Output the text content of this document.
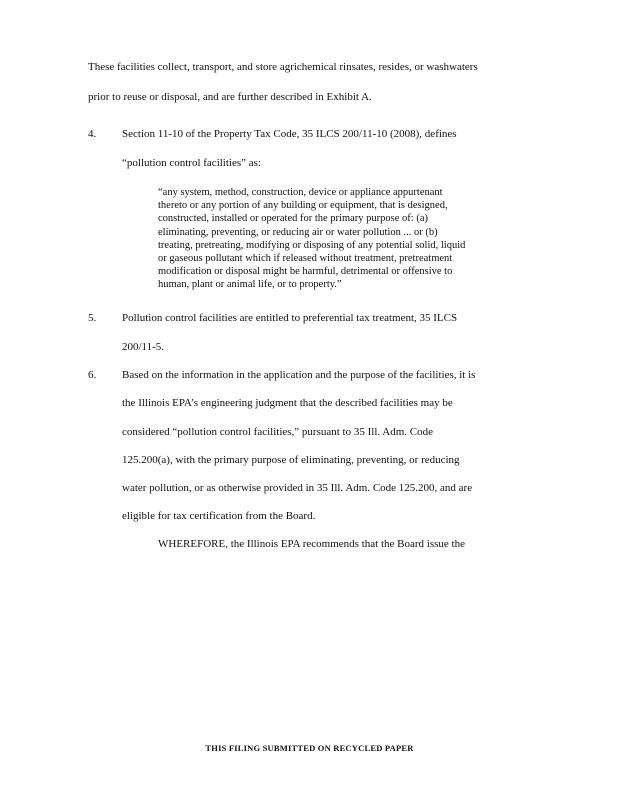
These facilities collect, transport, and store agrichemical rinsates, resides, or washwaters
prior to reuse or disposal, and are further described in Exhibit A.
4. Section 11-10 of the Property Tax Code, 35 ILCS 200/11-10 (2008), defines
“pollution control facilities” as:
“any system, method, construction, device or appliance appurtenant
thereto or any portion of any building or equipment, that is designed,
constructed, installed or operated for the primary purpose of: (a)
eliminating, preventing, or reducing air or water pollution ... or (b)
treating, pretreating, modifying or disposing of any potential solid, liquid
or gaseous pollutant which if released without treatment, pretreatment
modification or disposal might be harmful, detrimental or offensive to
human, plant or animal life, or to property.”
5. Pollution control facilities are entitled to preferential tax treatment, 35 ILCS
200/11-5.
6. Based on the information in the application and the purpose of the facilities, it is
the Illinois EPA’s engineering judgment that the described facilities may be
considered “pollution control facilities,” pursuant to 35 Ill. Adm. Code
125.200(a), with the primary purpose of eliminating, preventing, or reducing
water pollution, or as otherwise provided in 35 Ill. Adm. Code 125.200, and are
eligible for tax certification from the Board.
WHEREFORE, the Illinois EPA recommends that the Board issue the
THIS FILING SUBMITTED ON RECYCLED PAPER
